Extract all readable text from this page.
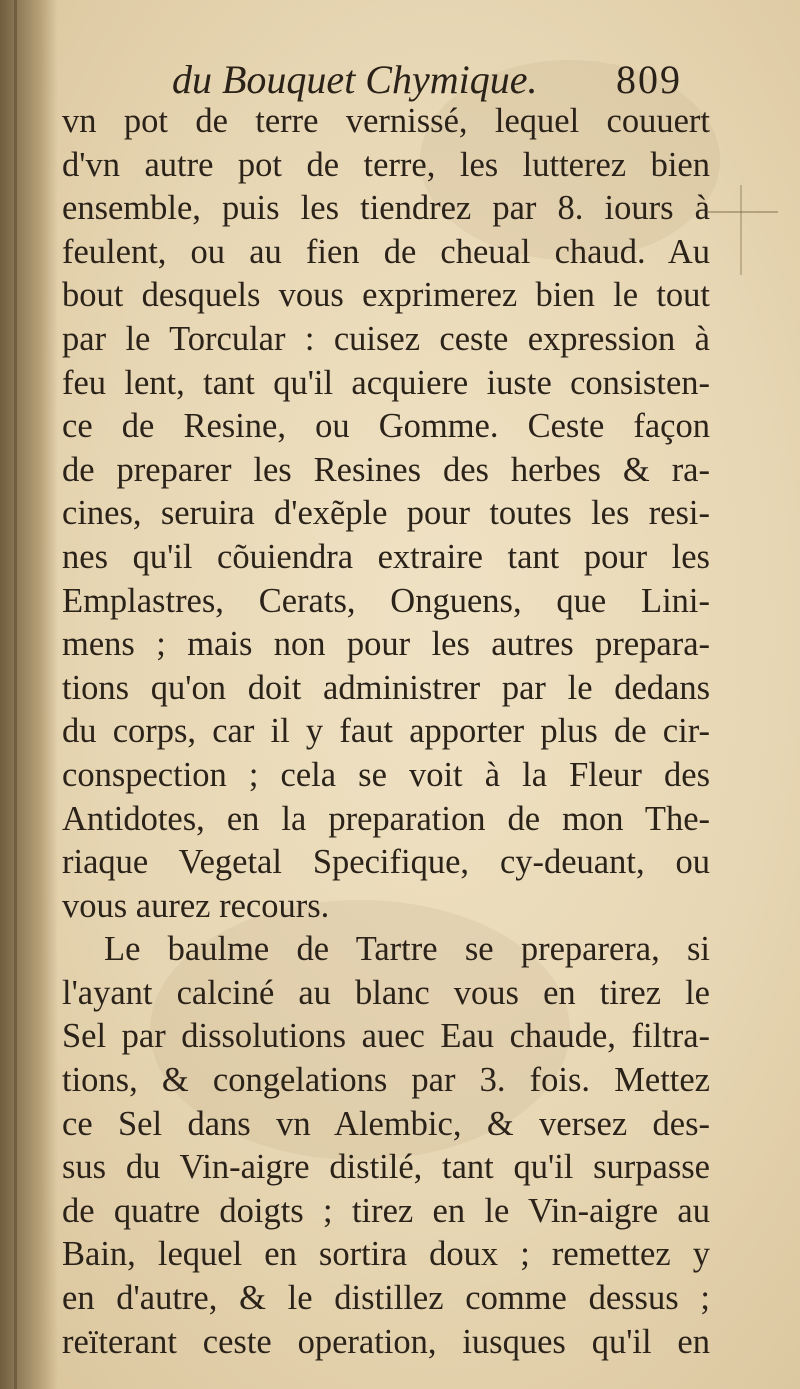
du Bouquet Chymique. 809
vn pot de terre vernissé, lequel couuert
d'vn autre pot de terre, les lutterez bien
ensemble, puis les tiendrez par 8. iours à
feulent, ou au fien de cheual chaud. Au
bout desquels vous exprimerez bien le tout
par le Torcular : cuisez ceste expression à
feu lent, tant qu'il acquiere iuste consisten-
ce de Resine, ou Gomme. Ceste façon
de preparer les Resines des herbes & ra-
cines, seruira d'exẽple pour toutes les resi-
nes qu'il cõuiendra extraire tant pour les
Emplastres, Cerats, Onguens, que Lini-
mens ; mais non pour les autres prepara-
tions qu'on doit administrer par le dedans
du corps, car il y faut apporter plus de cir-
conspection ; cela se voit à la Fleur des
Antidotes, en la preparation de mon The-
riaque Vegetal Specifique, cy-deuant, ou
vous aurez recours.
Le baulme de Tartre se preparera, si
l'ayant calciné au blanc vous en tirez le
Sel par dissolutions auec Eau chaude, filtra-
tions, & congelations par 3. fois. Mettez
ce Sel dans vn Alembic, & versez des-
sus du Vin-aigre distilé, tant qu'il surpasse
de quatre doigts ; tirez en le Vin-aigre au
Bain, lequel en sortira doux ; remettez y
en d'autre, & le distillez comme dessus ;
reïterant ceste operation, iusques qu'il en
